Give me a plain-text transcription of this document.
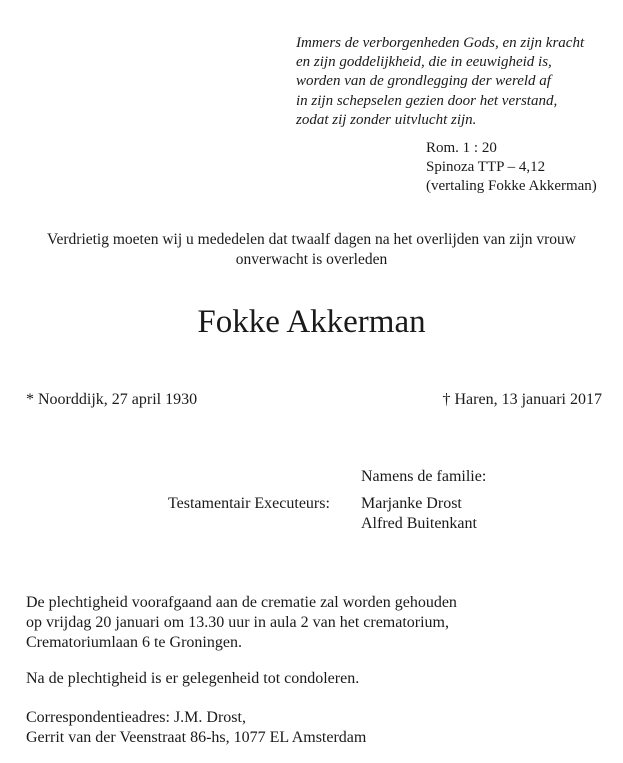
Immers de verborgenheden Gods, en zijn kracht
en zijn goddelijkheid, die in eeuwigheid is,
worden van de grondlegging der wereld af
in zijn schepselen gezien door het verstand,
zodat zij zonder uitvlucht zijn.
Rom. 1 : 20
Spinoza TTP – 4,12
(vertaling Fokke Akkerman)
Verdrietig moeten wij u mededelen dat twaalf dagen na het overlijden van zijn vrouw
onverwacht is overleden
Fokke Akkerman
* Noorddijk, 27 april 1930	† Haren, 13 januari 2017
Namens de familie:
Testamentair Executeurs: Marjanke Drost
Alfred Buitenkant
De plechtigheid voorafgaand aan de crematie zal worden gehouden
op vrijdag 20 januari om 13.30 uur in aula 2 van het crematorium,
Crematoriumlaan 6 te Groningen.
Na de plechtigheid is er gelegenheid tot condoleren.
Correspondentieadres: J.M. Drost,
Gerrit van der Veenstraat 86-hs, 1077 EL Amsterdam
